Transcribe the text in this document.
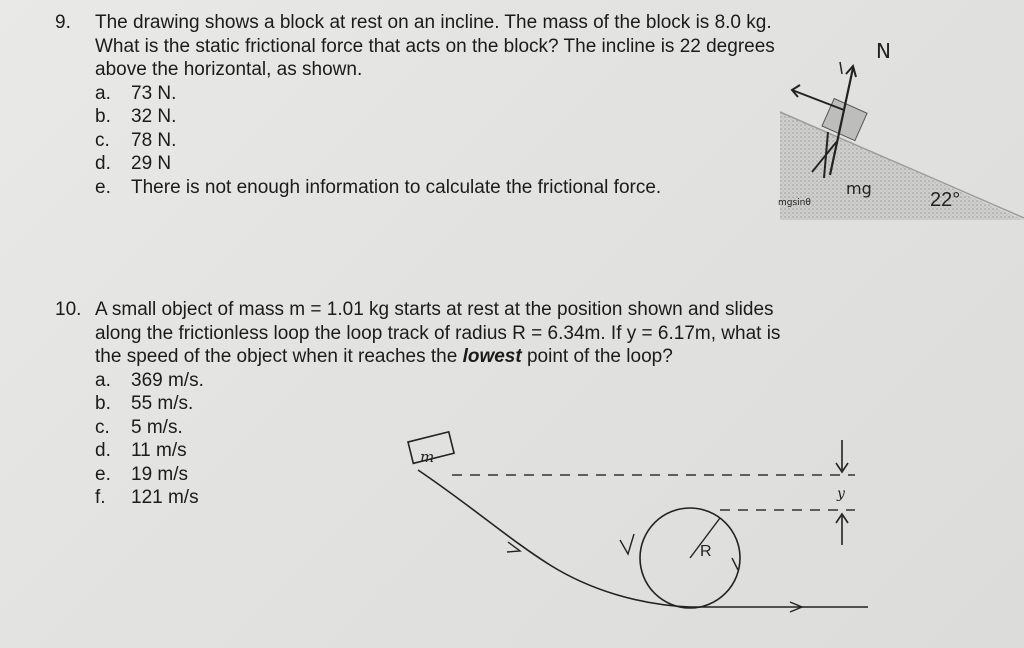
9. The drawing shows a block at rest on an incline. The mass of the block is 8.0 kg.
What is the static frictional force that acts on the block? The incline is 22 degrees
above the horizontal, as shown.
a.	73 N.
b.	32 N.
c.	78 N.
d.	29 N
e.	There is not enough information to calculate the frictional force.
N
mg
mgsinθ	22°
10. A small object of mass m = 1.01 kg starts at rest at the position shown and slides
along the frictionless loop the loop track of radius R = 6.34m. If y = 6.17m, what is
the speed of the object when it reaches the lowest point of the loop?
a.	369 m/s.
b.	55 m/s.
c.	5 m/s.
d.	11 m/s
e.	19 m/s
f.	121 m/s
m
R
y
